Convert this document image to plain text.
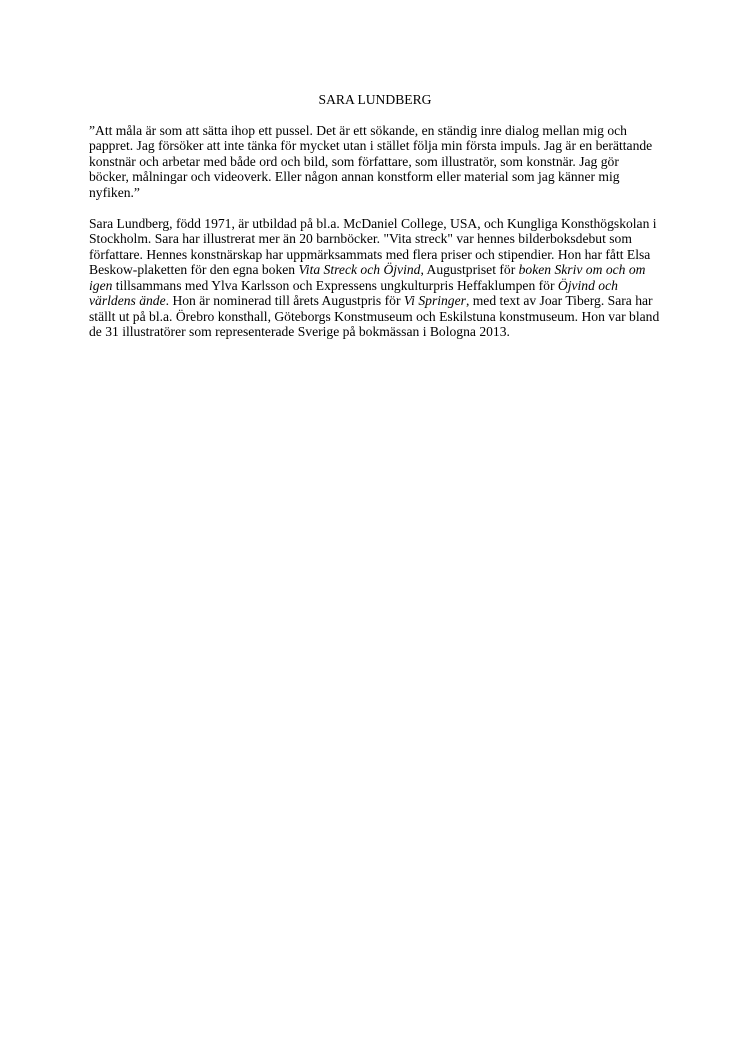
SARA LUNDBERG

”Att måla är som att sätta ihop ett pussel. Det är ett sökande, en ständig inre dialog mellan mig och pappret. Jag försöker att inte tänka för mycket utan i stället följa min första impuls. Jag är en berättande konstnär och arbetar med både ord och bild, som författare, som illustratör, som konstnär. Jag gör böcker, målningar och videoverk. Eller någon annan konstform eller material som jag känner mig nyfiken.”

Sara Lundberg, född 1971, är utbildad på bl.a. McDaniel College, USA, och Kungliga Konsthögskolan i Stockholm. Sara har illustrerat mer än 20 barnböcker. "Vita streck" var hennes bilderboksdebut som författare. Hennes konstnärskap har uppmärksammats med flera priser och stipendier. Hon har fått Elsa Beskow-plaketten för den egna boken Vita Streck och Öjvind, Augustpriset för boken Skriv om och om igen tillsammans med Ylva Karlsson och Expressens ungkulturpris Heffaklumpen för Öjvind och världens ände. Hon är nominerad till årets Augustpris för Vi Springer, med text av Joar Tiberg. Sara har ställt ut på bl.a. Örebro konsthall, Göteborgs Konstmuseum och Eskilstuna konstmuseum. Hon var bland de 31 illustratörer som representerade Sverige på bokmässan i Bologna 2013.
